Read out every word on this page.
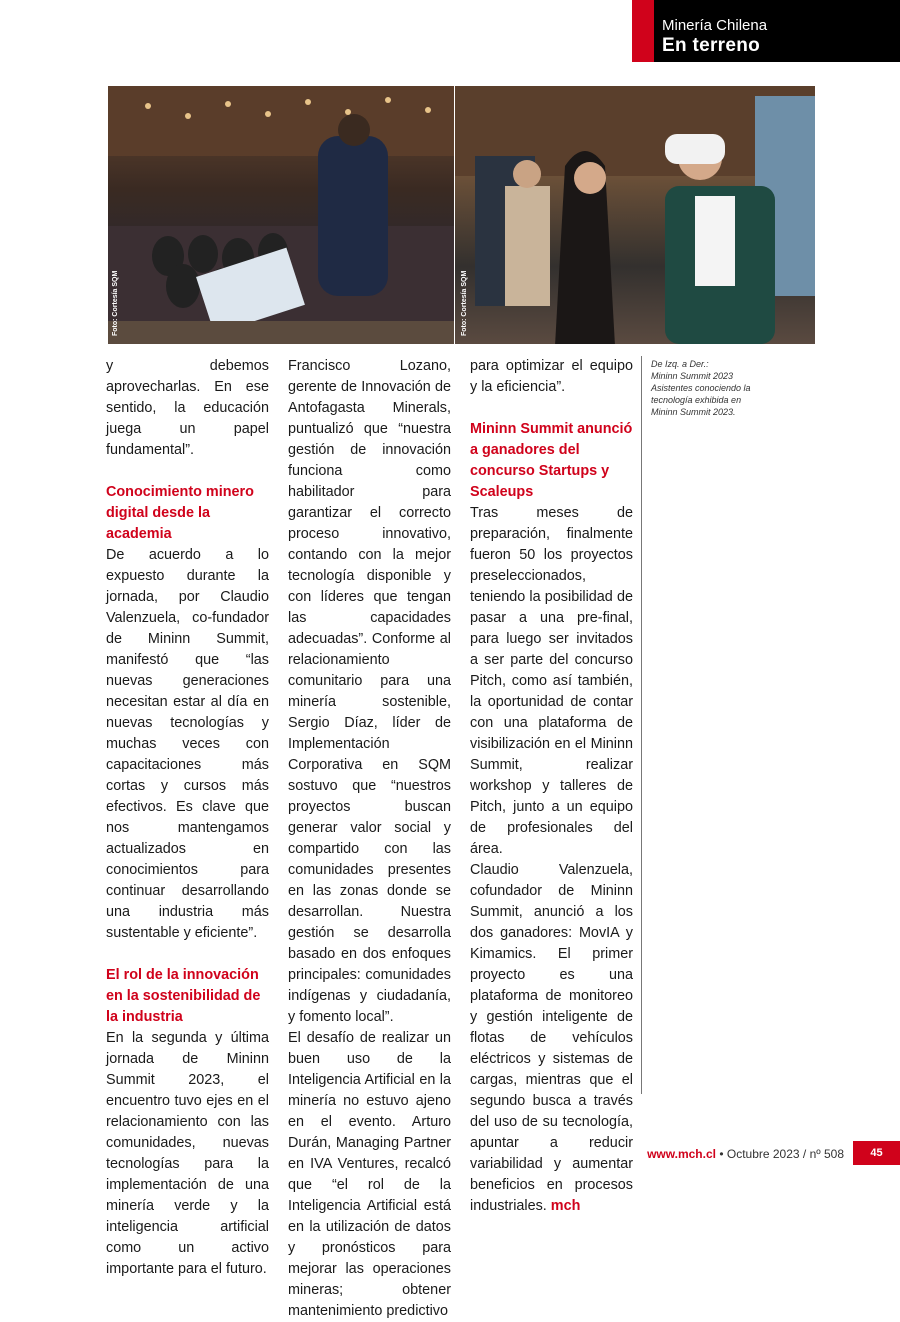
Minería Chilena
En terreno
Foto: Cortesía SQM	Foto: Cortesía SQM

y debemos aprovecharlas. En ese sentido, la educación juega un papel fundamental”.

Conocimiento minero digital desde la academia

De acuerdo a lo expuesto durante la jornada, por Claudio Valenzuela, co-fundador de Mininn Summit, manifestó que “las nuevas generaciones necesitan estar al día en nuevas tecnologías y muchas veces con capacitaciones más cortas y cursos más efectivos. Es clave que nos mantengamos actualizados en conocimientos para continuar desarrollando una industria más sustentable y eficiente”.

El rol de la innovación en la sostenibilidad de la industria

En la segunda y última jornada de Mininn Summit 2023, el encuentro tuvo ejes en el relacionamiento con las comunidades, nuevas tecnologías para la implementación de una minería verde y la inteligencia artificial como un activo importante para el futuro.

Francisco Lozano, gerente de Innovación de Antofagasta Minerals, puntualizó que “nuestra gestión de innovación funciona como habilitador para garantizar el correcto proceso innovativo, contando con la mejor tecnología disponible y con líderes que tengan las capacidades adecuadas”. Conforme al relacionamiento comunitario para una minería sostenible, Sergio Díaz, líder de Implementación Corporativa en SQM sostuvo que “nuestros proyectos buscan generar valor social y compartido con las comunidades presentes en las zonas donde se desarrollan. Nuestra gestión se desarrolla basado en dos enfoques principales: comunidades indígenas y ciudadanía, y fomento local”.

El desafío de realizar un buen uso de la Inteligencia Artificial en la minería no estuvo ajeno en el evento. Arturo Durán, Managing Partner en IVA Ventures, recalcó que “el rol de la Inteligencia Artificial está en la utilización de datos y pronósticos para mejorar las operaciones mineras; obtener mantenimiento predictivo

para optimizar el equipo y la eficiencia”.

Mininn Summit anunció a ganadores del concurso Startups y Scaleups

Tras meses de preparación, finalmente fueron 50 los proyectos preseleccionados, teniendo la posibilidad de pasar a una pre-final, para luego ser invitados a ser parte del concurso Pitch, como así también, la oportunidad de contar con una plataforma de visibilización en el Mininn Summit, realizar workshop y talleres de Pitch, junto a un equipo de profesionales del área.

Claudio Valenzuela, cofundador de Mininn Summit, anunció a los dos ganadores: MovIA y Kimamics. El primer proyecto es una plataforma de monitoreo y gestión inteligente de flotas de vehículos eléctricos y sistemas de cargas, mientras que el segundo busca a través del uso de su tecnología, apuntar a reducir variabilidad y aumentar beneficios en procesos industriales. mch

De Izq. a Der.:

Mininn Summit 2023

Asistentes conociendo la tecnología exhibida en Mininn Summit 2023.

www.mch.cl • Octubre 2023 / nº 508	45
